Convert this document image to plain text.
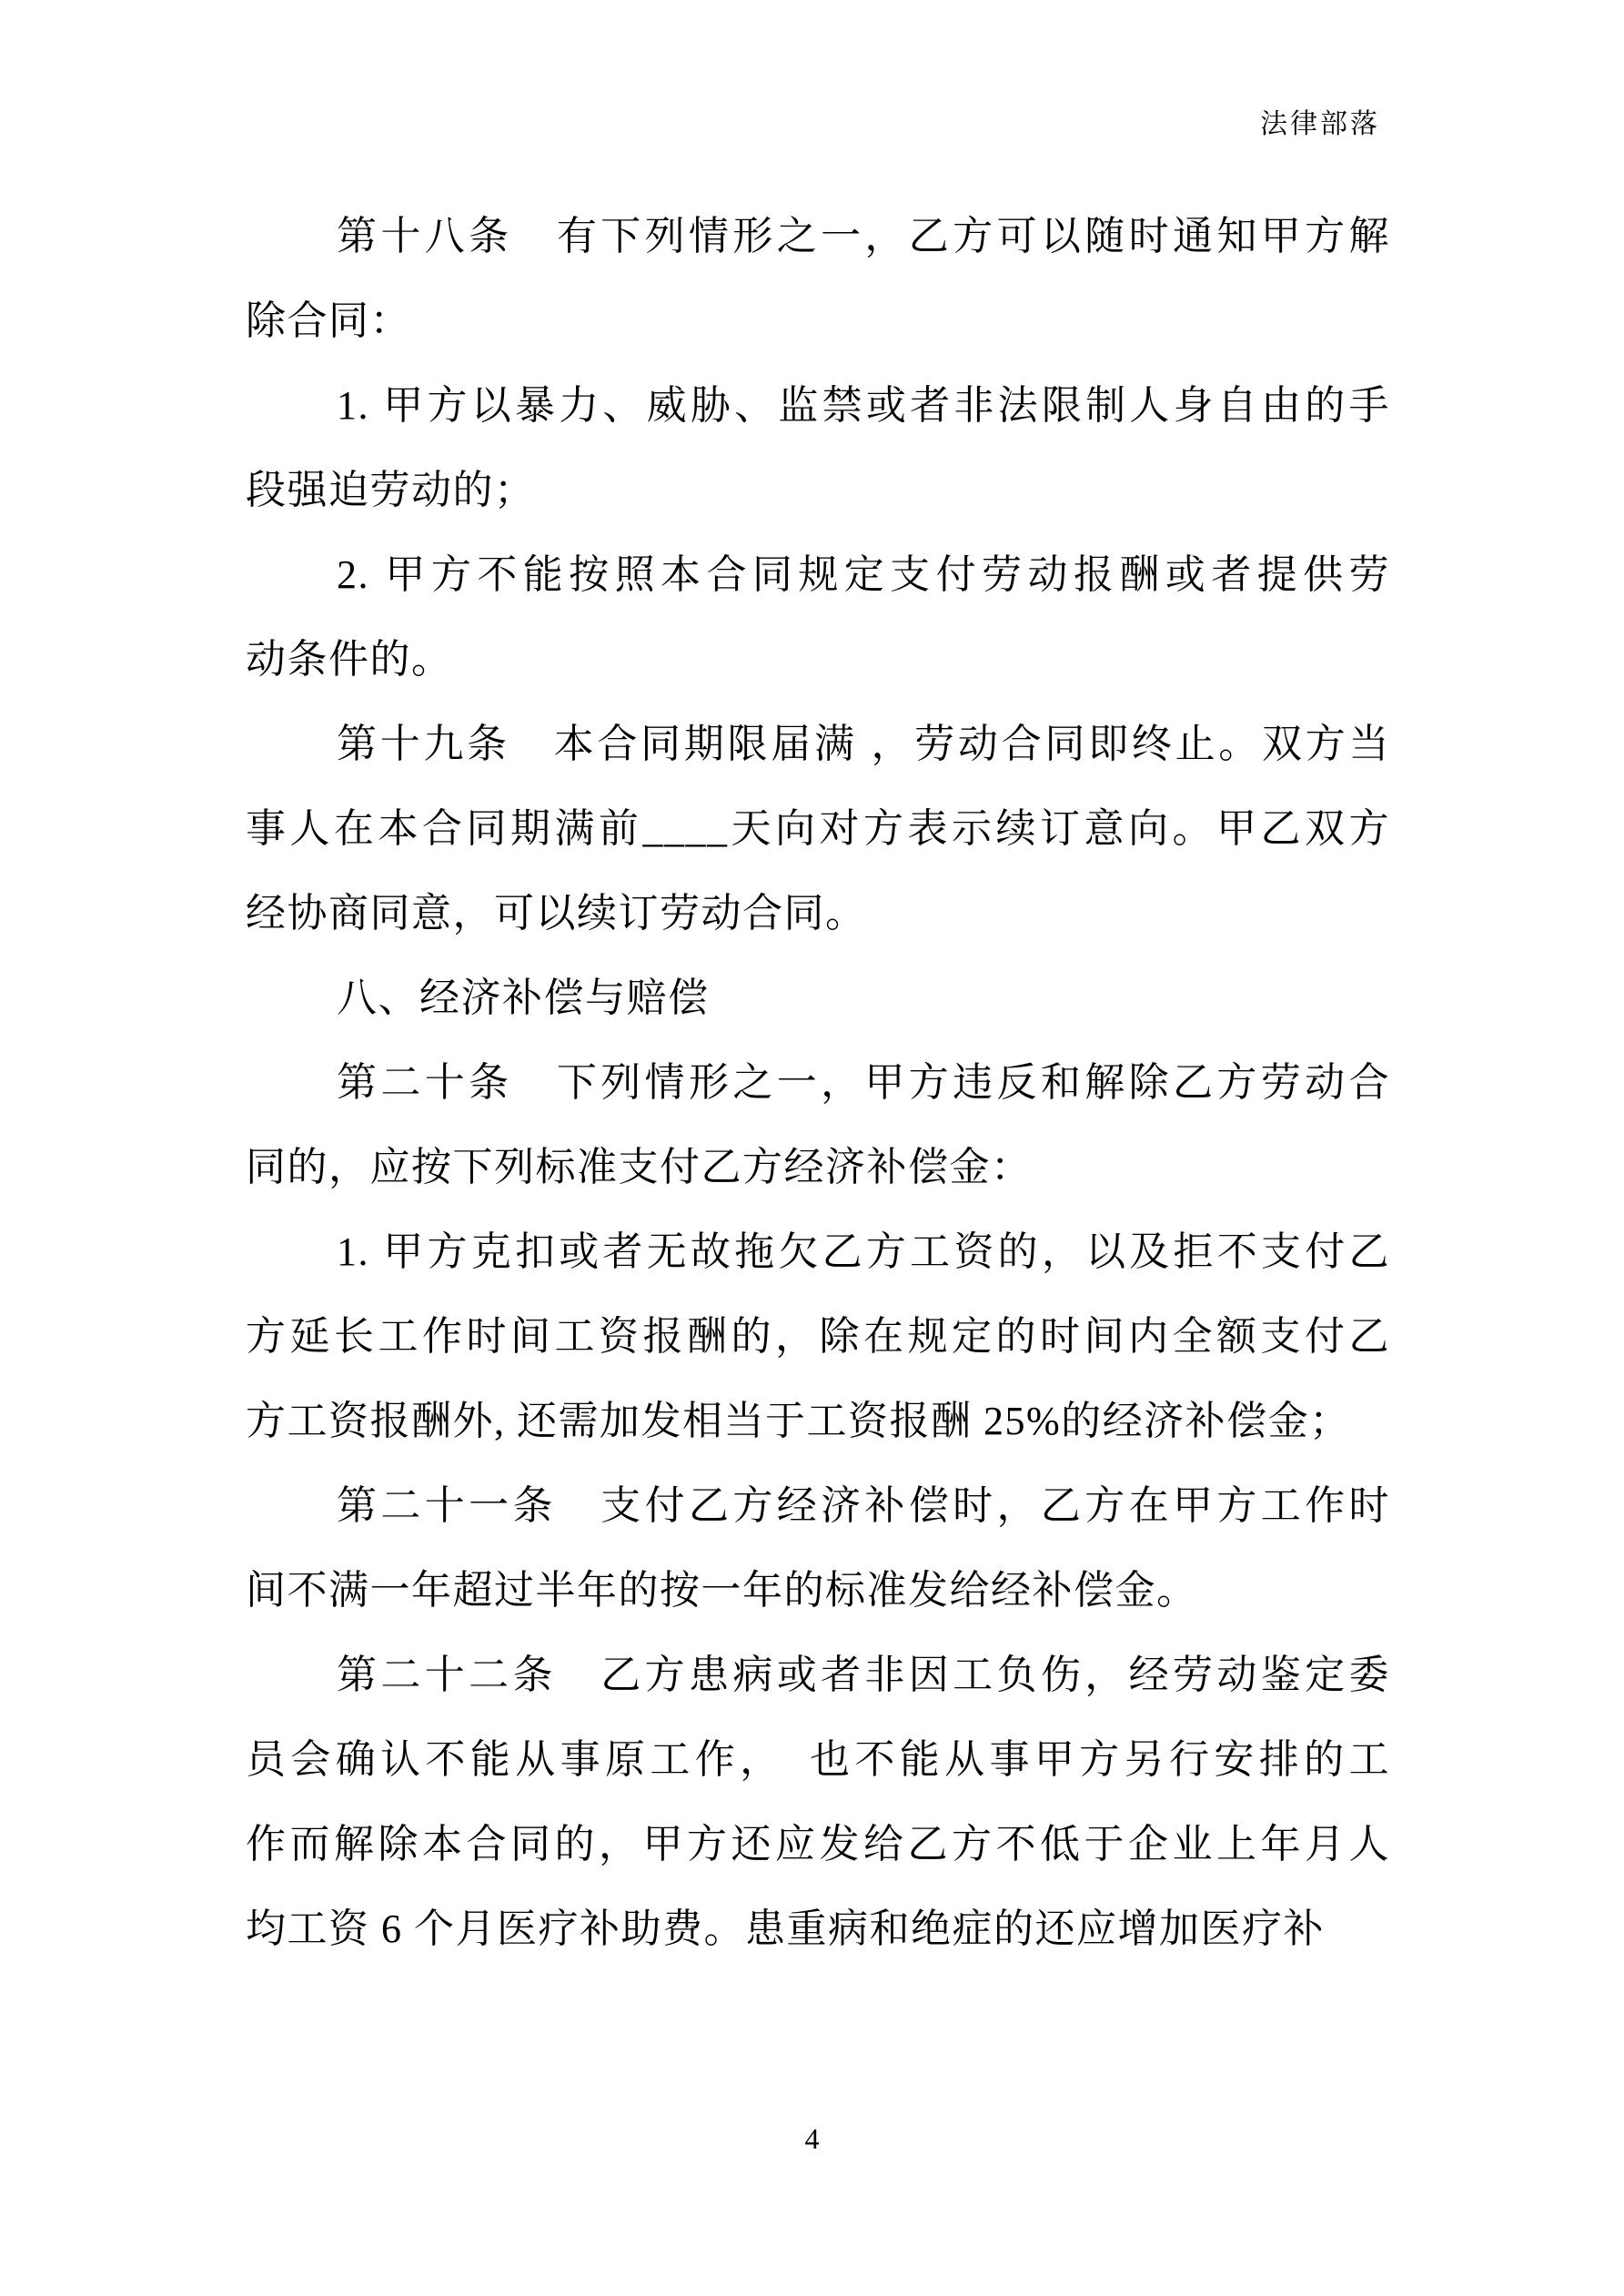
法律部落
第十八条　有下列情形之一，乙方可以随时通知甲方解
除合同：
1. 甲方以暴力、威胁、监禁或者非法限制人身自由的手
段强迫劳动的；
2. 甲方不能按照本合同规定支付劳动报酬或者提供劳
动条件的。
第十九条　本合同期限届满 ，劳动合同即终止。双方当
事人在本合同期满前____天向对方表示续订意向。甲乙双方
经协商同意，可以续订劳动合同。
八、经济补偿与赔偿
第二十条　下列情形之一，甲方违反和解除乙方劳动合
同的，应按下列标准支付乙方经济补偿金：
1. 甲方克扣或者无故拖欠乙方工资的，以及拒不支付乙
方延长工作时间工资报酬的，除在规定的时间内全额支付乙
方工资报酬外, 还需加发相当于工资报酬 25%的经济补偿金；
第二十一条　支付乙方经济补偿时，乙方在甲方工作时
间不满一年超过半年的按一年的标准发给经补偿金。
第二十二条　乙方患病或者非因工负伤，经劳动鉴定委
员会确认不能从事原工作，　也不能从事甲方另行安排的工
作而解除本合同的，甲方还应发给乙方不低于企业上年月人
均工资 6 个月医疗补助费。患重病和绝症的还应增加医疗补
4
